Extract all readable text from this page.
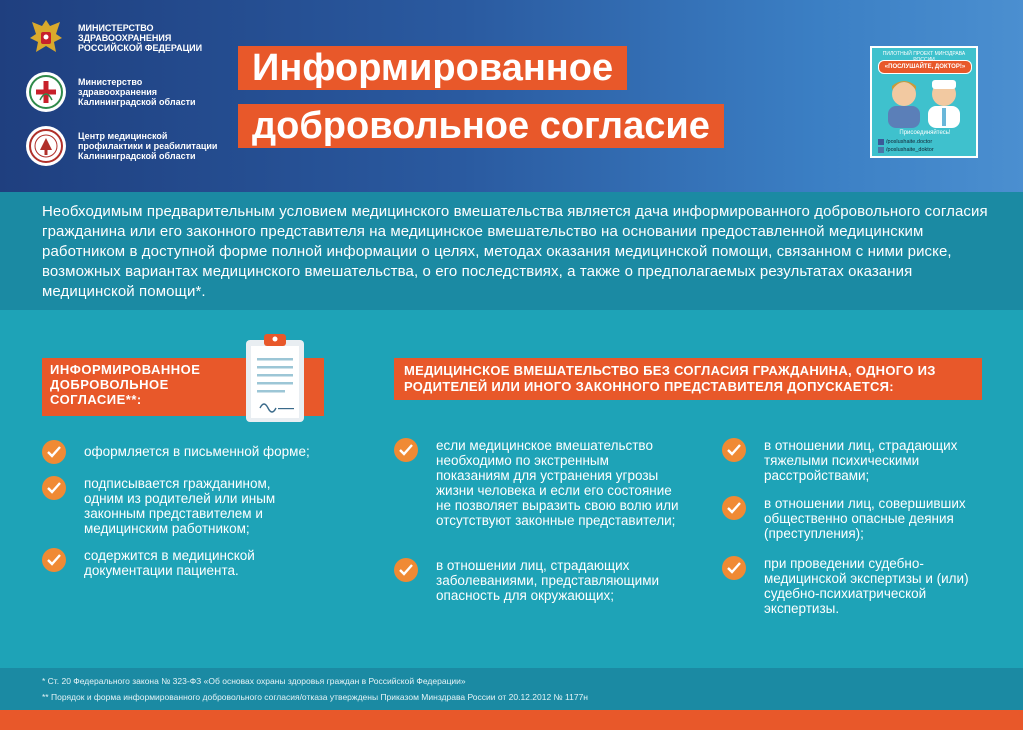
МИНИСТЕРСТВО ЗДРАВООХРАНЕНИЯ РОССИЙСКОЙ ФЕДЕРАЦИИ
Министерство здравоохранения Калининградской области
Центр медицинской профилактики и реабилитации Калининградской области
Информированное
добровольное согласие
ПИЛОТНЫЙ ПРОЕКТ МИНЗДРАВА
«ПОСЛУШАЙТЕ, ДОКТОР!»
Присоединяйтесь!
/poslushaite.doctor
/poslushaite_doktor

Необходимым предварительным условием медицинского вмешательства является дача информированного добровольного согласия гражданина или его законного представителя на медицинское вмешательство на основании предоставленной медицинским работником в доступной форме полной информации о целях, методах оказания медицинской помощи, связанном с ними риске, возможных вариантах медицинского вмешательства, о его последствиях, а также о предполагаемых результатах оказания медицинской помощи*.

ИНФОРМИРОВАННОЕ ДОБРОВОЛЬНОЕ СОГЛАСИЕ**:
оформляется в письменной форме;
подписывается гражданином, одним из родителей или иным законным представителем и медицинским работником;
содержится в медицинской документации пациента.
МЕДИЦИНСКОЕ ВМЕШАТЕЛЬСТВО БЕЗ СОГЛАСИЯ ГРАЖДАНИНА, ОДНОГО ИЗ РОДИТЕЛЕЙ ИЛИ ИНОГО ЗАКОННОГО ПРЕДСТАВИТЕЛЯ ДОПУСКАЕТСЯ:
если медицинское вмешательство необходимо по экстренным показаниям для устранения угрозы жизни человека и если его состояние не позволяет выразить свою волю или отсутствуют законные представители;
в отношении лиц, страдающих заболеваниями, представляющими опасность для окружающих;
в отношении лиц, страдающих тяжелыми психическими расстройствами;
в отношении лиц, совершивших общественно опасные деяния (преступления);
при проведении судебно-медицинской экспертизы и (или) судебно-психиатрической экспертизы.
* Ст. 20 Федерального закона № 323-ФЗ «Об основах охраны здоровья граждан в Российской Федерации»
** Порядок и форма информированного добровольного согласия/отказа утверждены Приказом Минздрава России от 20.12.2012 № 1177н
